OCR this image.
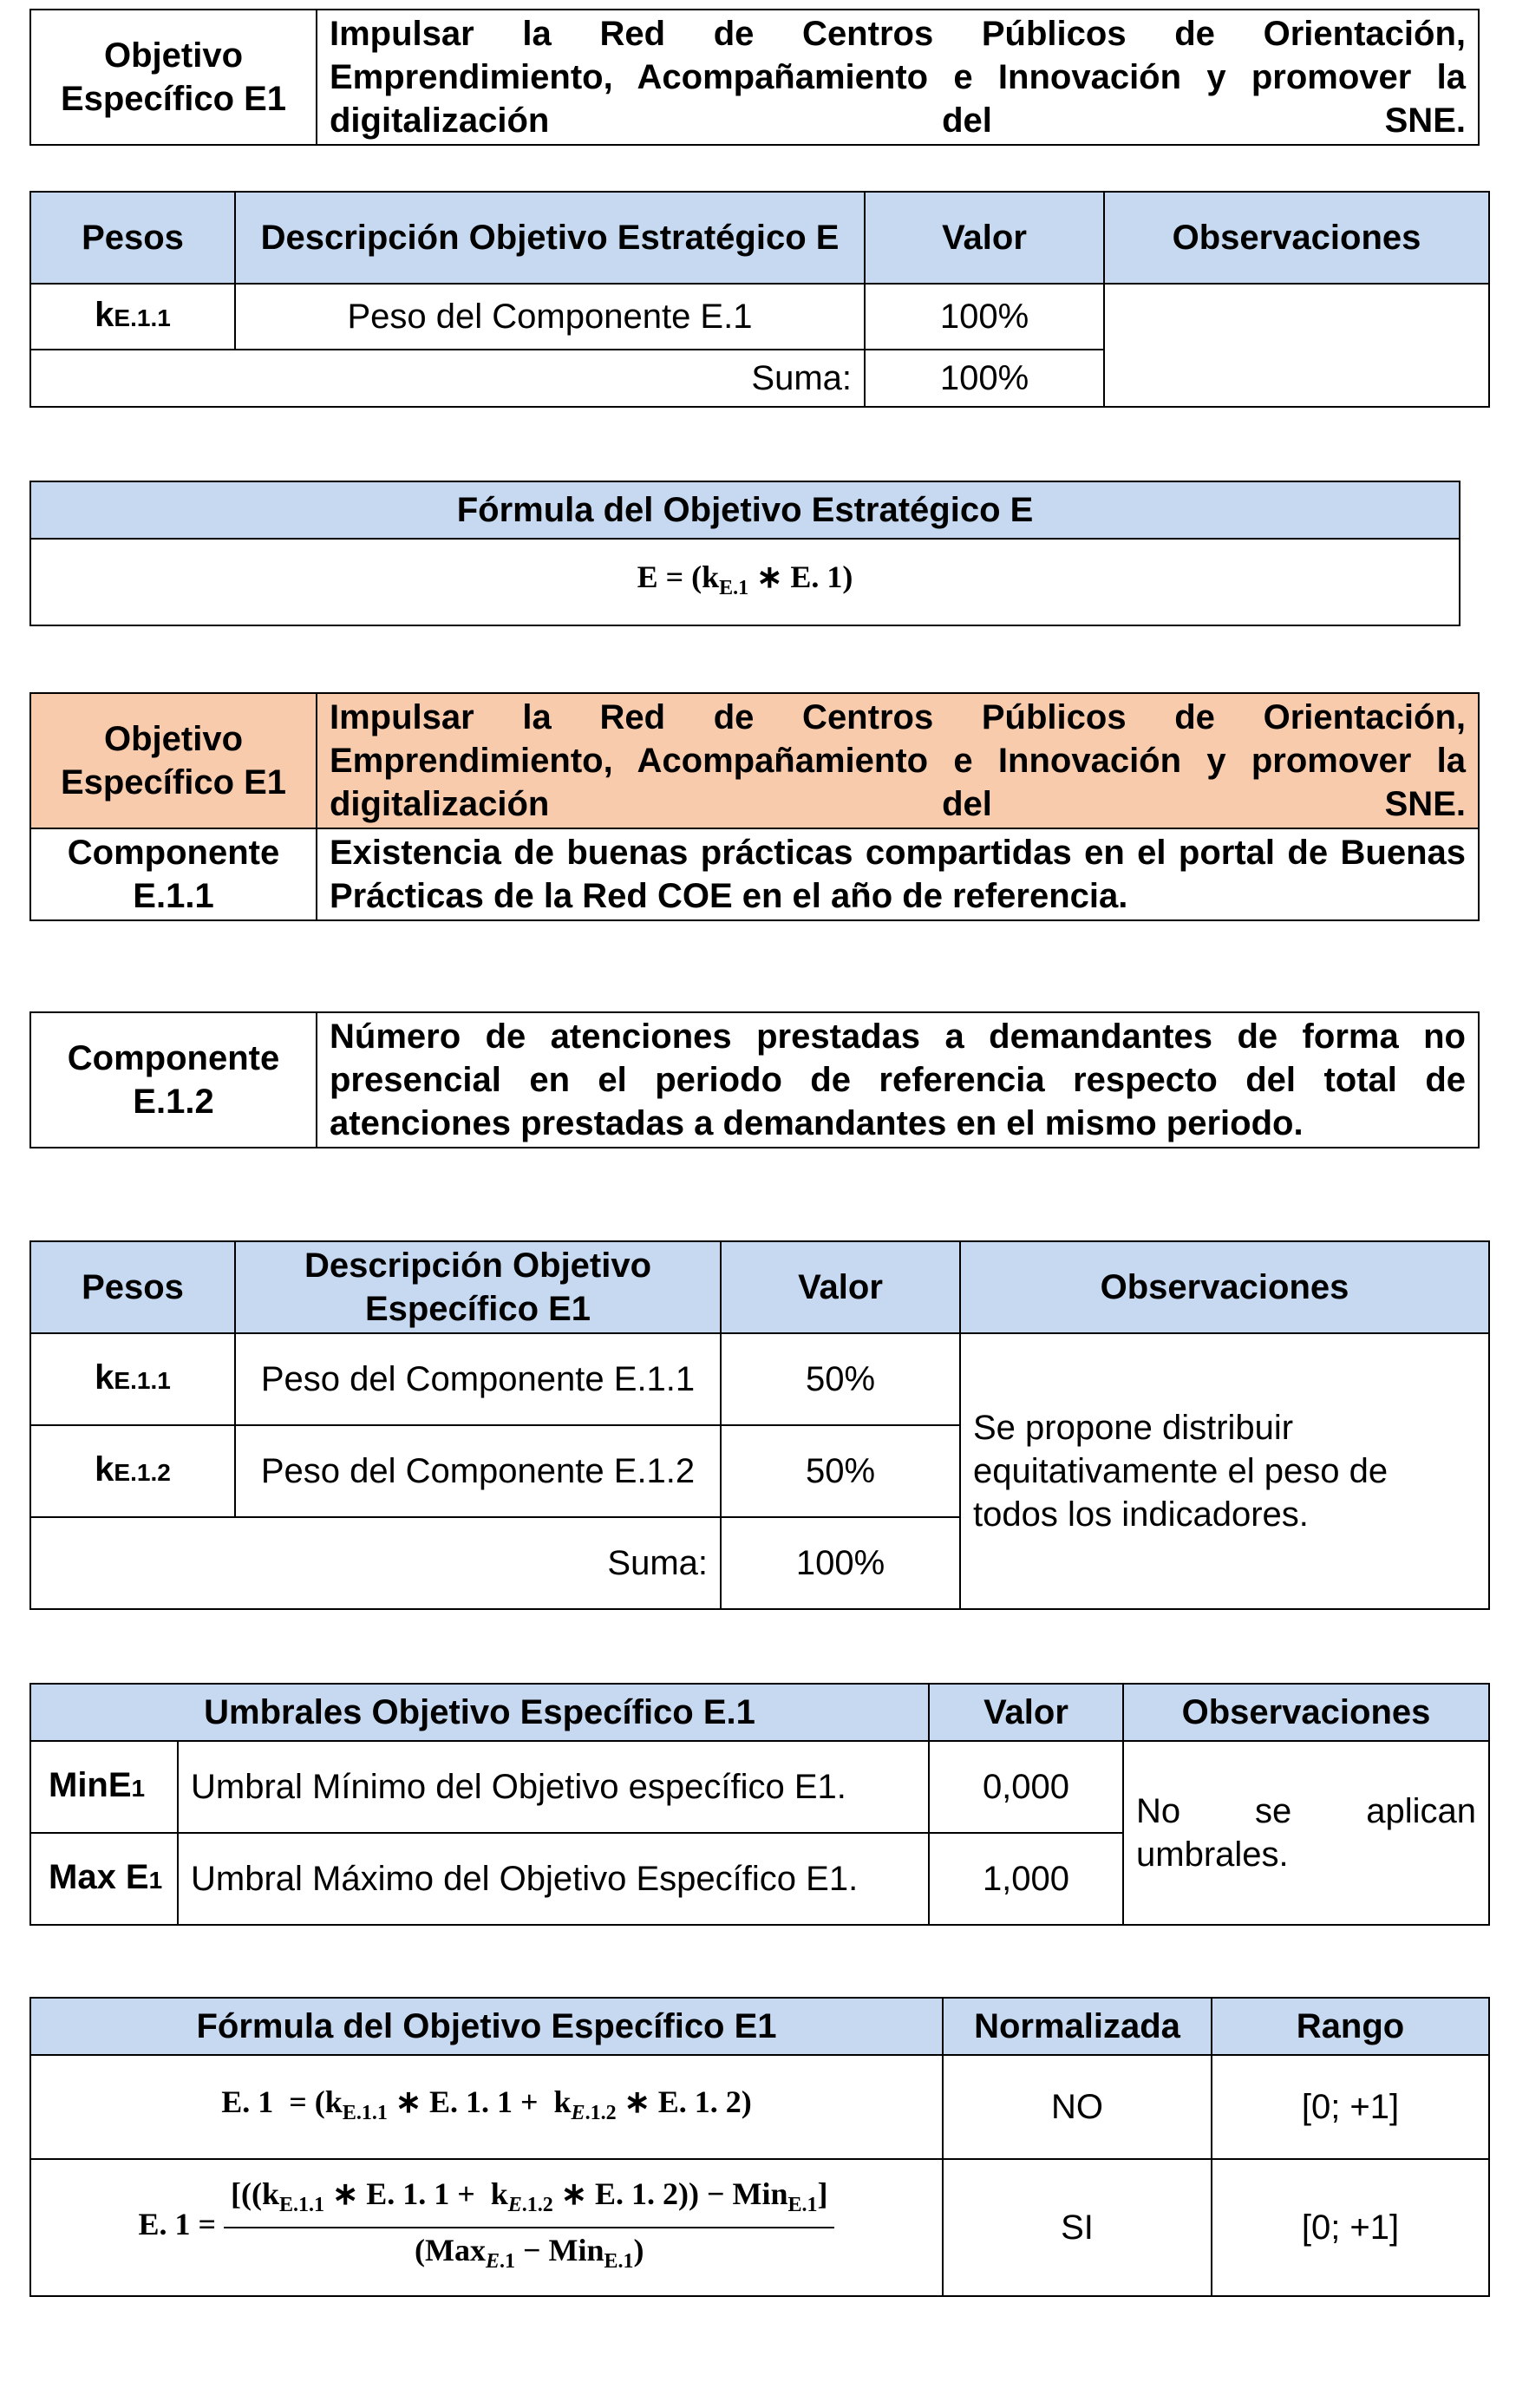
Objetivo Específico E1	Impulsar la Red de Centros Públicos de Orientación, Emprendimiento, Acompañamiento e Innovación y promover la digitalización del SNE.
Pesos	Descripción Objetivo Estratégico E	Valor	Observaciones
kE.1.1	Peso del Componente E.1	100%	
Suma:		100%	
Fórmula del Objetivo Estratégico E
$E = (k_{E.1}$ ∗ E. 1)
Objetivo Específico E1	Impulsar la Red de Centros Públicos de Orientación, Emprendimiento, Acompañamiento e Innovación y promover la digitalización del SNE.
Componente E.1.1	Existencia de buenas prácticas compartidas en el portal de Buenas Prácticas de la Red COE en el año de referencia.
Componente E.1.2	Número de atenciones prestadas a demandantes de forma no presencial en el periodo de referencia respecto del total de atenciones prestadas a demandantes en el mismo periodo.
Pesos	Descripción Objetivo Específico E1	Valor	Observaciones
kE.1.1	Peso del Componente E.1.1	50%	Se propone distribuir equitativamente el peso de todos los indicadores.
kE.1.2	Peso del Componente E.1.2	50%	
Suma:		100%	
Umbrales Objetivo Específico E.1		Valor	Observaciones
MinE1	Umbral Mínimo del Objetivo específico E1.	0,000	No se aplican umbrales.
Max E1	Umbral Máximo del Objetivo Específico E1.	1,000	
Fórmula del Objetivo Específico E1	Normalizada	Rango
E. $1 = (k_{E.1.1}$ ∗ E. 1. $1 + k_{E.1.2}$ ∗ E. 1. 2)	NO	[0; +1]
E. $1 = \frac{[((k_{E.1.1} ∗ E. 1. 1 + k_{E.1.2} ∗ E. 1. 2)) - Min_{E.1}]}{(Max_{E.1} - Min_{E.1})}$	SI	[0; +1]
